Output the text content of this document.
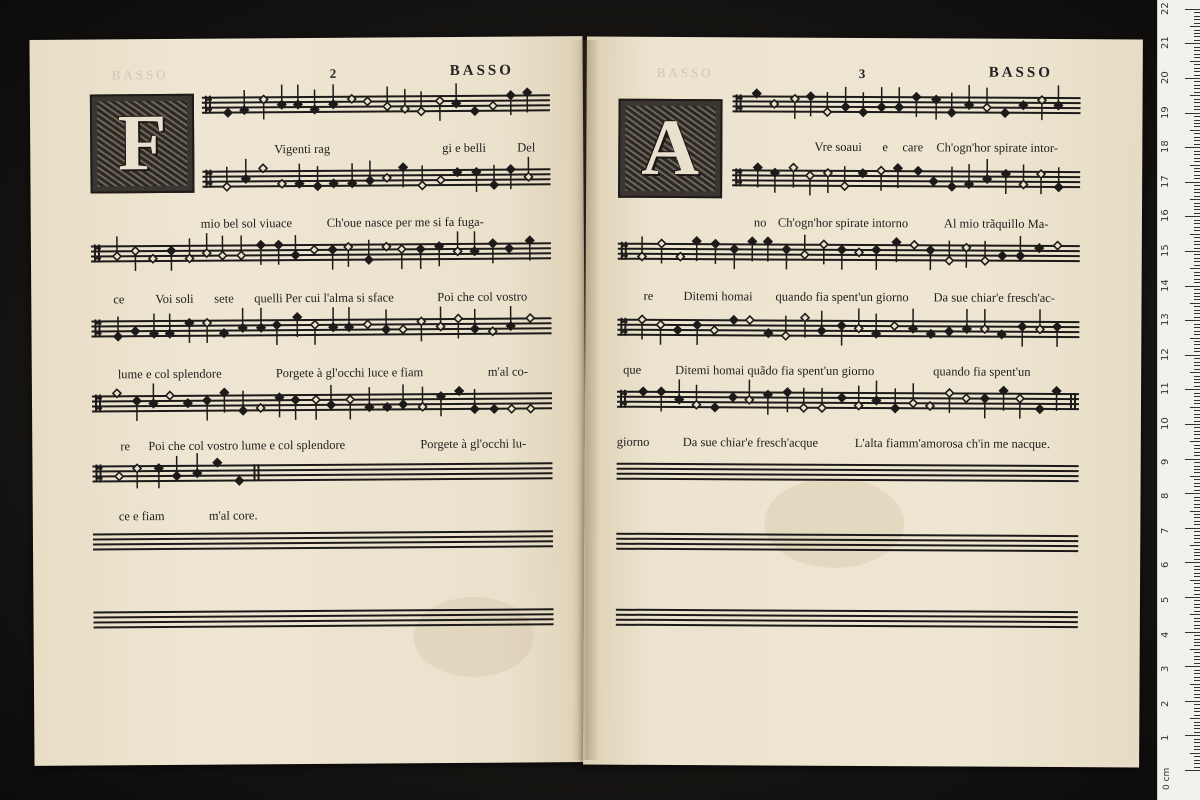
BASSO	2	BASSO
F	Vigenti rag	gi e belli Del
mio bel sol viuace	Ch'oue nasce per me si fa fuga-
ce Voi soli sete quelli Per cui l'alma si sface	Poi che col vostro
lume e col splendore	Porgete à gl'occhi luce e fiam	m'al co-
re Poi che col vostro lume e col splendore	Porgete à gl'occhi lu-
ce e fiam	m'al core.
BASSO	3	BASSO
A	Vre soaui e care Ch'ogn'hor spirate intor-
no Ch'ogn'hor spirate intorno	Al mio trãquillo Ma-
re Ditemi homai quando fia spent'un giorno Da sue chiar'e fresch'ac-
que	Ditemi homai quãdo fia spent'un giorno	quando fia spent'un
giorno	Da sue chiar'e fresch'acque	L'alta fiamm'amorosa ch'in me nacque.
0 cm
1
2
3
4
5
6
7
8
9
10
11
12
13
14
15
16
17
18
19
20
21
22
